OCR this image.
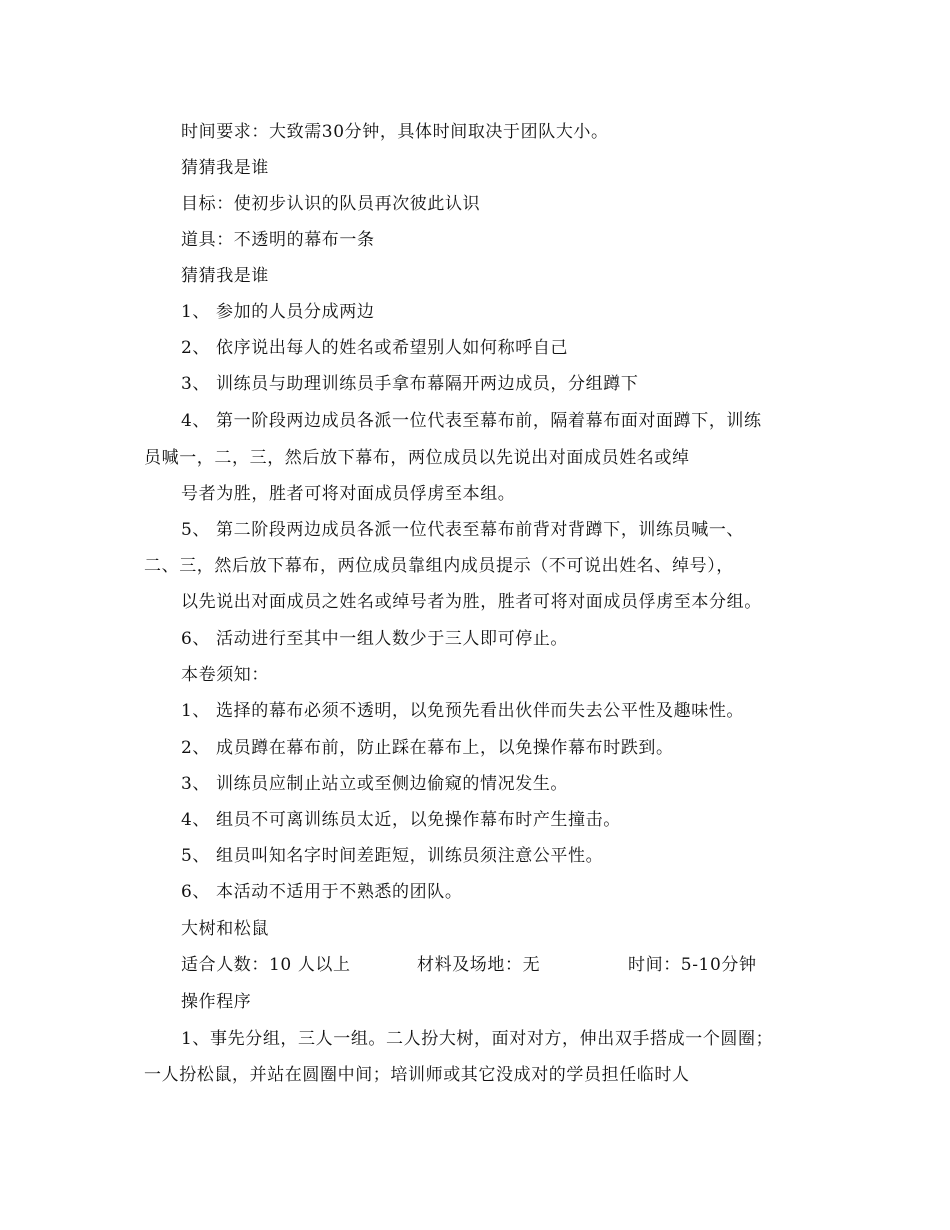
时间要求：大致需30分钟，具体时间取决于团队大小。
猜猜我是谁
目标：使初步认识的队员再次彼此认识
道具：不透明的幕布一条
猜猜我是谁
1、 参加的人员分成两边
2、 依序说出每人的姓名或希望别人如何称呼自己
3、 训练员与助理训练员手拿布幕隔开两边成员，分组蹲下
4、 第一阶段两边成员各派一位代表至幕布前，隔着幕布面对面蹲下，训练
员喊一，二，三，然后放下幕布，两位成员以先说出对面成员姓名或绰
号者为胜，胜者可将对面成员俘虏至本组。
5、 第二阶段两边成员各派一位代表至幕布前背对背蹲下，训练员喊一、
二、三，然后放下幕布，两位成员靠组内成员提示（不可说出姓名、绰号），
以先说出对面成员之姓名或绰号者为胜，胜者可将对面成员俘虏至本分组。
6、 活动进行至其中一组人数少于三人即可停止。
本卷须知：
1、 选择的幕布必须不透明，以免预先看出伙伴而失去公平性及趣味性。
2、 成员蹲在幕布前，防止踩在幕布上，以免操作幕布时跌到。
3、 训练员应制止站立或至侧边偷窥的情况发生。
4、 组员不可离训练员太近，以免操作幕布时产生撞击。
5、 组员叫知名字时间差距短，训练员须注意公平性。
6、 本活动不适用于不熟悉的团队。
大树和松鼠
适合人数：10 人以上	材料及场地：无	时间：5-10分钟
操作程序
1、事先分组，三人一组。二人扮大树，面对对方，伸出双手搭成一个圆圈；
一人扮松鼠，并站在圆圈中间；培训师或其它没成对的学员担任临时人
